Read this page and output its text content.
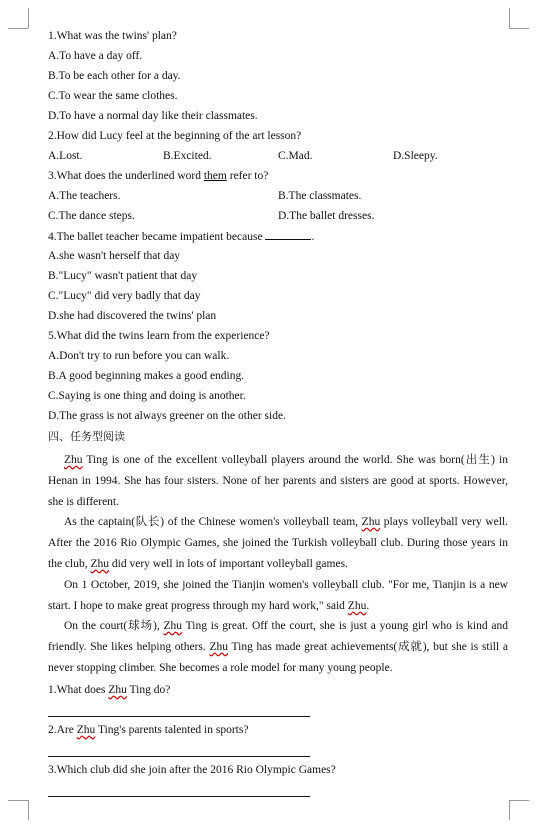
1.What was the twins' plan?
A.To have a day off.
B.To be each other for a day.
C.To wear the same clothes.
D.To have a normal day like their classmates.
2.How did Lucy feel at the beginning of the art lesson?
A.Lost.	B.Excited.	C.Mad.	D.Sleepy.
3.What does the underlined word them refer to?
A.The teachers.	B.The classmates.
C.The dance steps.	D.The ballet dresses.
4.The ballet teacher became impatient because	.
A.she wasn't herself that day
B."Lucy" wasn't patient that day
C."Lucy" did very badly that day
D.she had discovered the twins' plan
5.What did the twins learn from the experience?
A.Don't try to run before you can walk.
B.A good beginning makes a good ending.
C.Saying is one thing and doing is another.
D.The grass is not always greener on the other side.
四、任务型阅读
Zhu Ting is one of the excellent volleyball players around the world. She was born(出生) in Henan in 1994. She has four sisters. None of her parents and sisters are good at sports. However, she is different.
As the captain(队长) of the Chinese women's volleyball team, Zhu plays volleyball very well. After the 2016 Rio Olympic Games, she joined the Turkish volleyball club. During those years in the club, Zhu did very well in lots of important volleyball games.
On 1 October, 2019, she joined the Tianjin women's volleyball club. "For me, Tianjin is a new start. I hope to make great progress through my hard work," said Zhu.
On the court(球场), Zhu Ting is great. Off the court, she is just a young girl who is kind and friendly. She likes helping others. Zhu Ting has made great achievements(成就), but she is still a never stopping climber. She becomes a role model for many young people.
1.What does Zhu Ting do?
2.Are Zhu Ting's parents talented in sports?
3.Which club did she join after the 2016 Rio Olympic Games?
